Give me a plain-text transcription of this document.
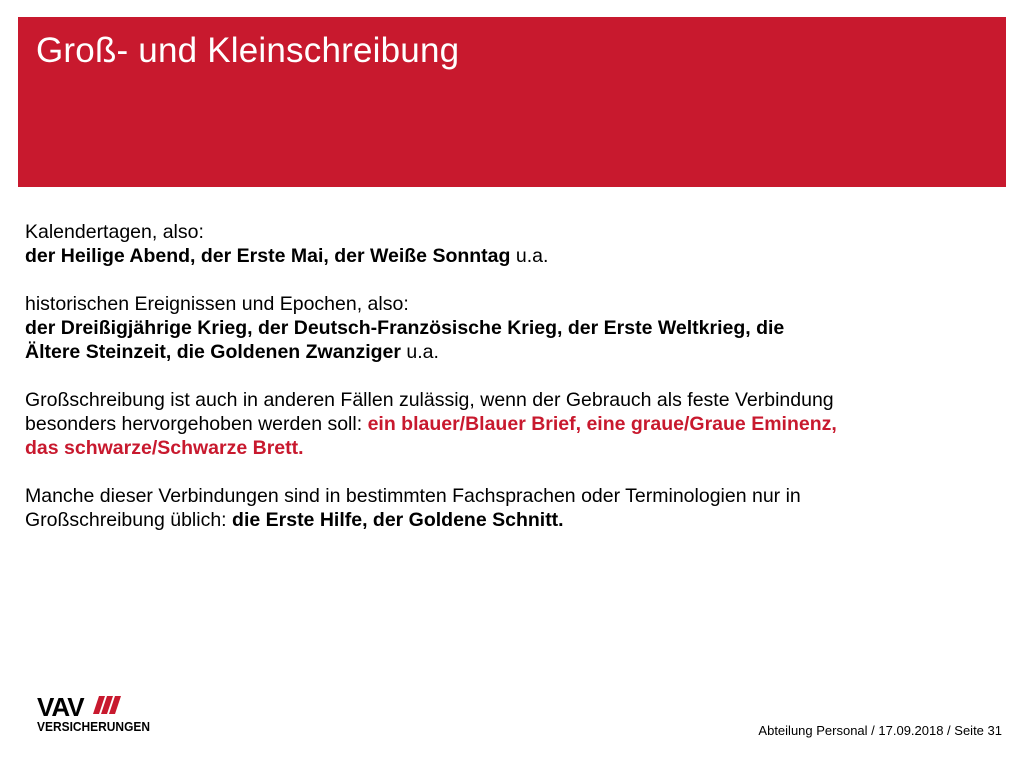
Groß- und Kleinschreibung

Kalendertagen, also:
der Heilige Abend, der Erste Mai, der Weiße Sonntag u.a.

historischen Ereignissen und Epochen, also:
der Dreißigjährige Krieg, der Deutsch-Französische Krieg, der Erste Weltkrieg, die
Ältere Steinzeit, die Goldenen Zwanziger u.a.

Großschreibung ist auch in anderen Fällen zulässig, wenn der Gebrauch als feste Verbindung
besonders hervorgehoben werden soll: ein blauer/Blauer Brief, eine graue/Graue Eminenz,
das schwarze/Schwarze Brett.

Manche dieser Verbindungen sind in bestimmten Fachsprachen oder Terminologien nur in
Großschreibung üblich: die Erste Hilfe, der Goldene Schnitt.

VAV
VERSICHERUNGEN	Abteilung Personal / 17.09.2018 / Seite 31
